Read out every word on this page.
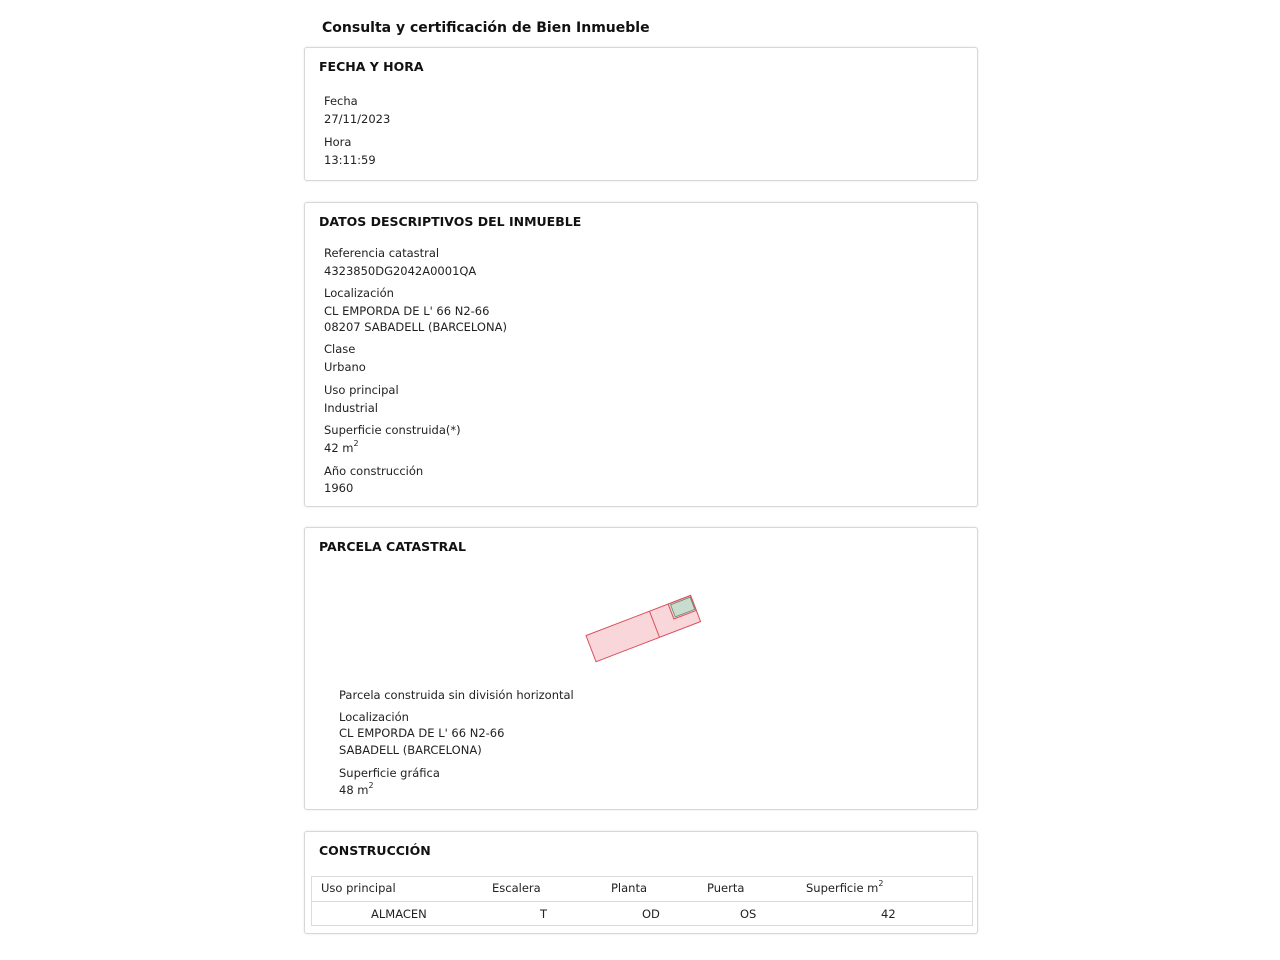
Consulta y certificación de Bien Inmueble
FECHA Y HORA
Fecha
27/11/2023
Hora
13:11:59
DATOS DESCRIPTIVOS DEL INMUEBLE
Referencia catastral
4323850DG2042A0001QA
Localización
CL EMPORDA DE L' 66 N2-66
08207 SABADELL (BARCELONA)
Clase
Urbano
Uso principal
Industrial
Superficie construida(*)
42 $m^2$
Año construcción
1960
PARCELA CATASTRAL
Parcela construida sin división horizontal
Localización
CL EMPORDA DE L' 66 N2-66
SABADELL (BARCELONA)
Superficie gráfica
48 $m^2$
CONSTRUCCIÓN
Uso principal	Escalera	Planta	Puerta	Superficie $m^2$
ALMACEN	T	OD	OS	42
